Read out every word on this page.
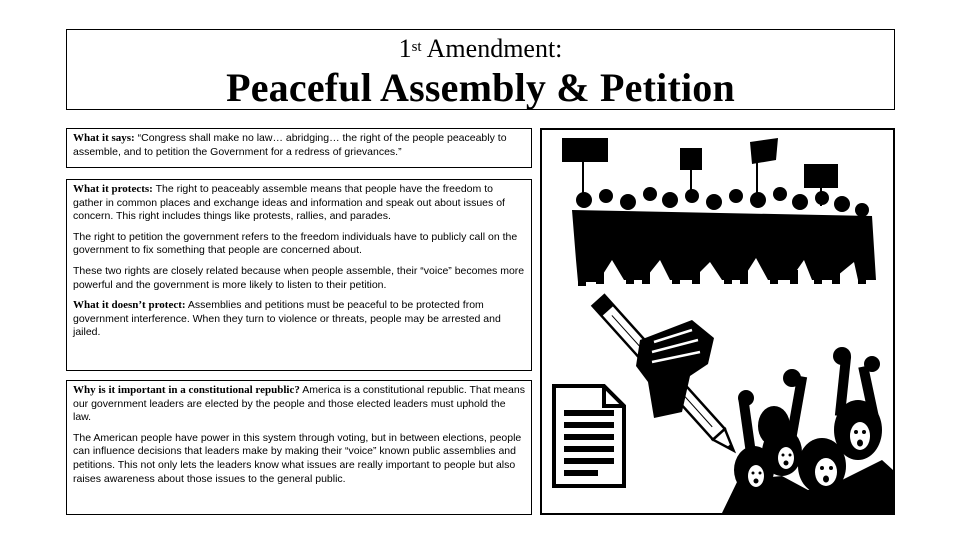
1st Amendment:
Peaceful Assembly & Petition

What it says: “Congress shall make no law… abridging… the right of the people peaceably to assemble, and to petition the Government for a redress of grievances.”

What it protects: The right to peaceably assemble means that people have the freedom to gather in common places and exchange ideas and information and speak out about issues of concern. This right includes things like protests, rallies, and parades.

The right to petition the government refers to the freedom individuals have to publicly call on the government to fix something that people are concerned about.

These two rights are closely related because when people assemble, their “voice” becomes more powerful and the government is more likely to listen to their petition.

What it doesn’t protect: Assemblies and petitions must be peaceful to be protected from government interference. When they turn to violence or threats, people may be arrested and jailed.

Why is it important in a constitutional republic? America is a constitutional republic. That means our government leaders are elected by the people and those elected leaders must uphold the law.

The American people have power in this system through voting, but in between elections, people can influence decisions that leaders make by making their “voice” known public assemblies and petitions. This not only lets the leaders know what issues are really important to people but also raises awareness about those issues to the general public.
